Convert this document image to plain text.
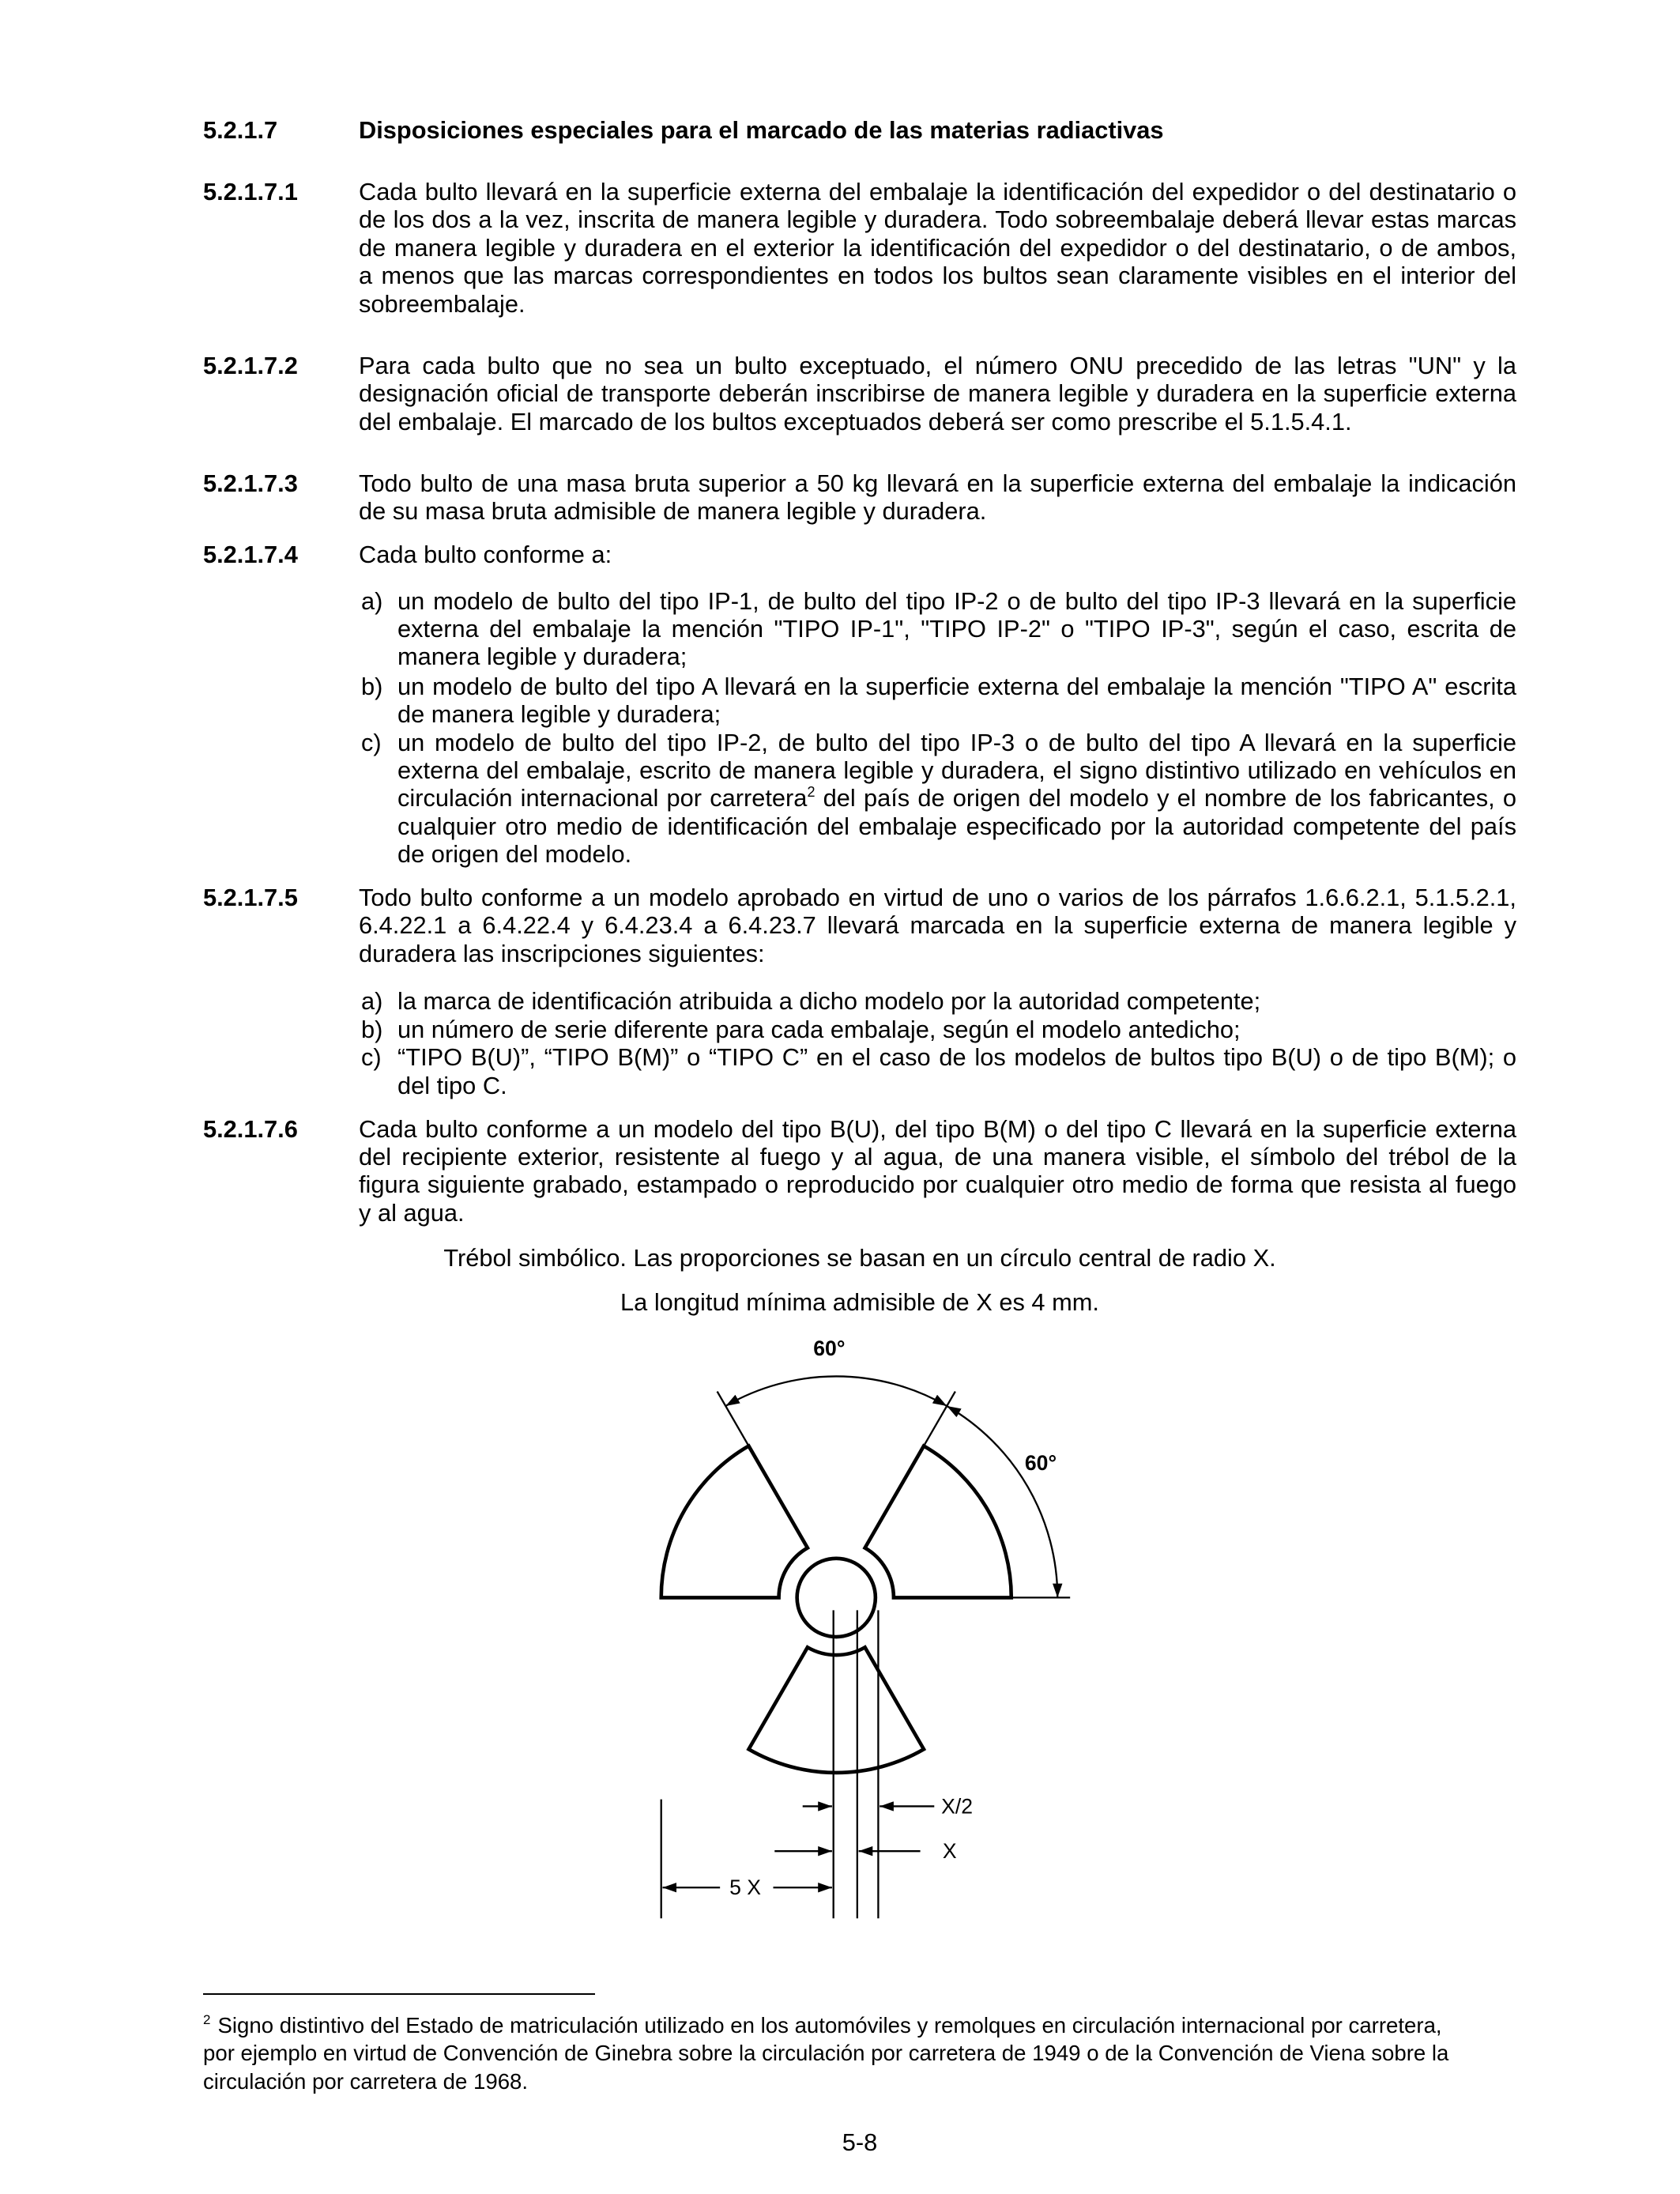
5.2.1.7	Disposiciones especiales para el marcado de las materias radiactivas
5.2.1.7.1	Cada bulto llevará en la superficie externa del embalaje la identificación del expedidor o del destinatario o
de los dos a la vez, inscrita de manera legible y duradera. Todo sobreembalaje deberá llevar estas marcas
de manera legible y duradera en el exterior la identificación del expedidor o del destinatario, o de ambos,
a menos que las marcas correspondientes en todos los bultos sean claramente visibles en el interior del
sobreembalaje.
5.2.1.7.2	Para cada bulto que no sea un bulto exceptuado, el número ONU precedido de las letras "UN" y la
designación oficial de transporte deberán inscribirse de manera legible y duradera en la superficie externa
del embalaje. El marcado de los bultos exceptuados deberá ser como prescribe el 5.1.5.4.1.
5.2.1.7.3	Todo bulto de una masa bruta superior a 50 kg llevará en la superficie externa del embalaje la indicación
de su masa bruta admisible de manera legible y duradera.
5.2.1.7.4	Cada bulto conforme a:
a) un modelo de bulto del tipo IP-1, de bulto del tipo IP-2 o de bulto del tipo IP-3 llevará en la superficie
externa del embalaje la mención "TIPO IP-1", "TIPO IP-2" o "TIPO IP-3", según el caso, escrita de
manera legible y duradera;
b) un modelo de bulto del tipo A llevará en la superficie externa del embalaje la mención "TIPO A" escrita
de manera legible y duradera;
c) un modelo de bulto del tipo IP-2, de bulto del tipo IP-3 o de bulto del tipo A llevará en la superficie
externa del embalaje, escrito de manera legible y duradera, el signo distintivo utilizado en vehículos en
circulación internacional por carretera$^2$ del país de origen del modelo y el nombre de los fabricantes, o
cualquier otro medio de identificación del embalaje especificado por la autoridad competente del país
de origen del modelo.
5.2.1.7.5	Todo bulto conforme a un modelo aprobado en virtud de uno o varios de los párrafos 1.6.6.2.1, 5.1.5.2.1,
6.4.22.1 a 6.4.22.4 y 6.4.23.4 a 6.4.23.7 llevará marcada en la superficie externa de manera legible y
duradera las inscripciones siguientes:
a) la marca de identificación atribuida a dicho modelo por la autoridad competente;
b) un número de serie diferente para cada embalaje, según el modelo antedicho;
c) “TIPO B(U)”, “TIPO B(M)” o “TIPO C” en el caso de los modelos de bultos tipo B(U) o de tipo B(M); o
del tipo C.
5.2.1.7.6	Cada bulto conforme a un modelo del tipo B(U), del tipo B(M) o del tipo C llevará en la superficie externa
del recipiente exterior, resistente al fuego y al agua, de una manera visible, el símbolo del trébol de la
figura siguiente grabado, estampado o reproducido por cualquier otro medio de forma que resista al fuego
y al agua.
Trébol simbólico. Las proporciones se basan en un círculo central de radio X.
La longitud mínima admisible de X es 4 mm.
60°
60°
X/2
X
5 X
$^2$ Signo distintivo del Estado de matriculación utilizado en los automóviles y remolques en circulación internacional por carretera,
por ejemplo en virtud de Convención de Ginebra sobre la circulación por carretera de 1949 o de la Convención de Viena sobre la
circulación por carretera de 1968.
5-8
